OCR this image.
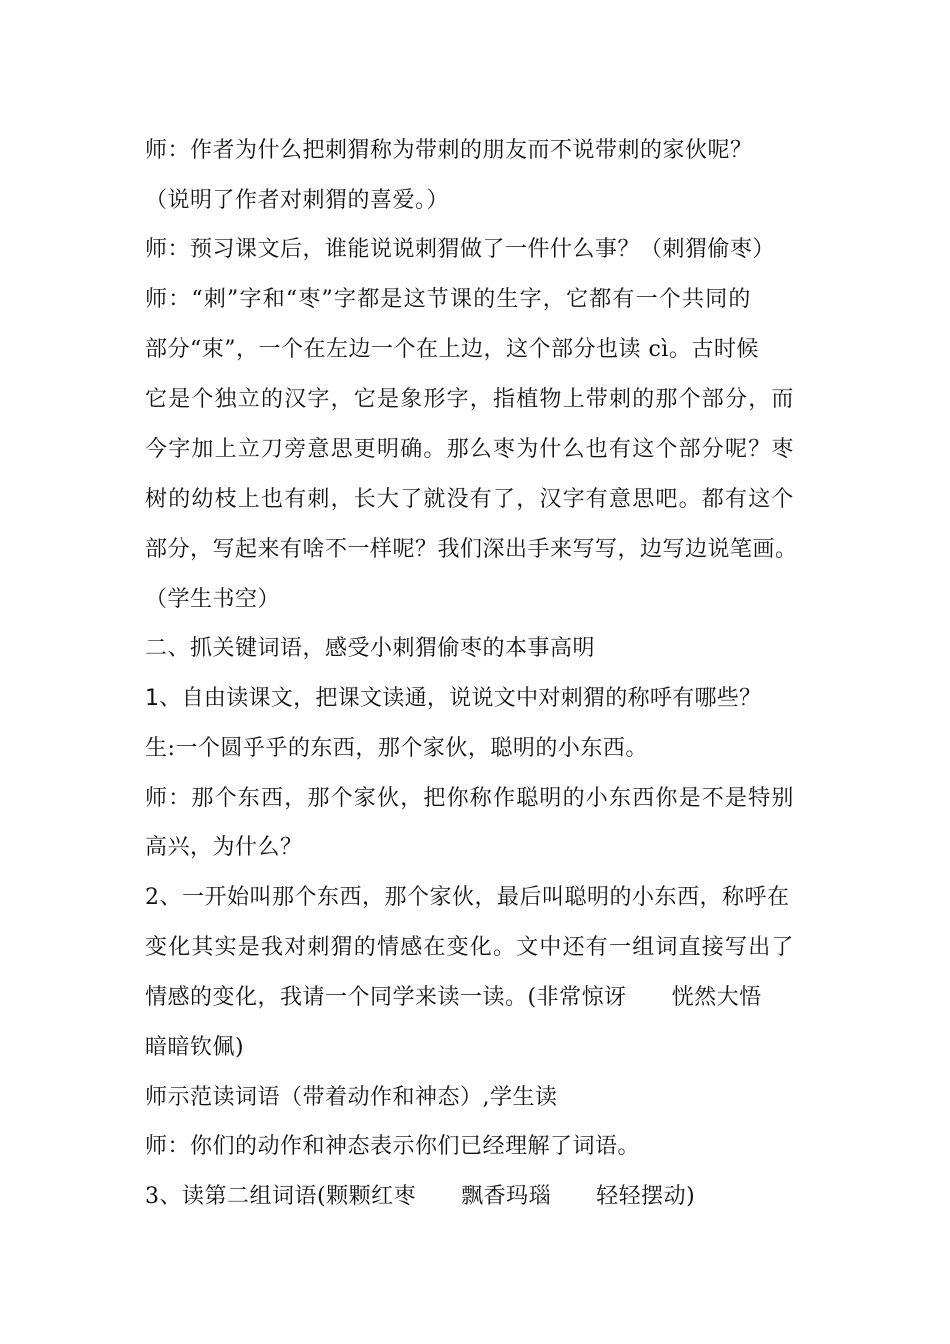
师：作者为什么把刺猬称为带刺的朋友而不说带刺的家伙呢？
（说明了作者对刺猬的喜爱。）
师：预习课文后，谁能说说刺猬做了一件什么事？（刺猬偷枣）
师：“刺”字和“枣”字都是这节课的生字，它都有一个共同的
部分“束”，一个在左边一个在上边，这个部分也读 cì。古时候
它是个独立的汉字，它是象形字，指植物上带刺的那个部分，而
今字加上立刀旁意思更明确。那么枣为什么也有这个部分呢？枣
树的幼枝上也有刺，长大了就没有了，汉字有意思吧。都有这个
部分，写起来有啥不一样呢？我们深出手来写写，边写边说笔画。
（学生书空）
二、抓关键词语，感受小刺猬偷枣的本事高明
1、自由读课文，把课文读通，说说文中对刺猬的称呼有哪些？
生:一个圆乎乎的东西，那个家伙，聪明的小东西。
师：那个东西，那个家伙，把你称作聪明的小东西你是不是特别
高兴，为什么？
2、一开始叫那个东西，那个家伙，最后叫聪明的小东西，称呼在
变化其实是我对刺猬的情感在变化。文中还有一组词直接写出了
情感的变化，我请一个同学来读一读。(非常惊讶　　恍然大悟
暗暗钦佩)
师示范读词语（带着动作和神态）,学生读
师：你们的动作和神态表示你们已经理解了词语。
3、读第二组词语(颗颗红枣　　飘香玛瑙　　轻轻摆动)
